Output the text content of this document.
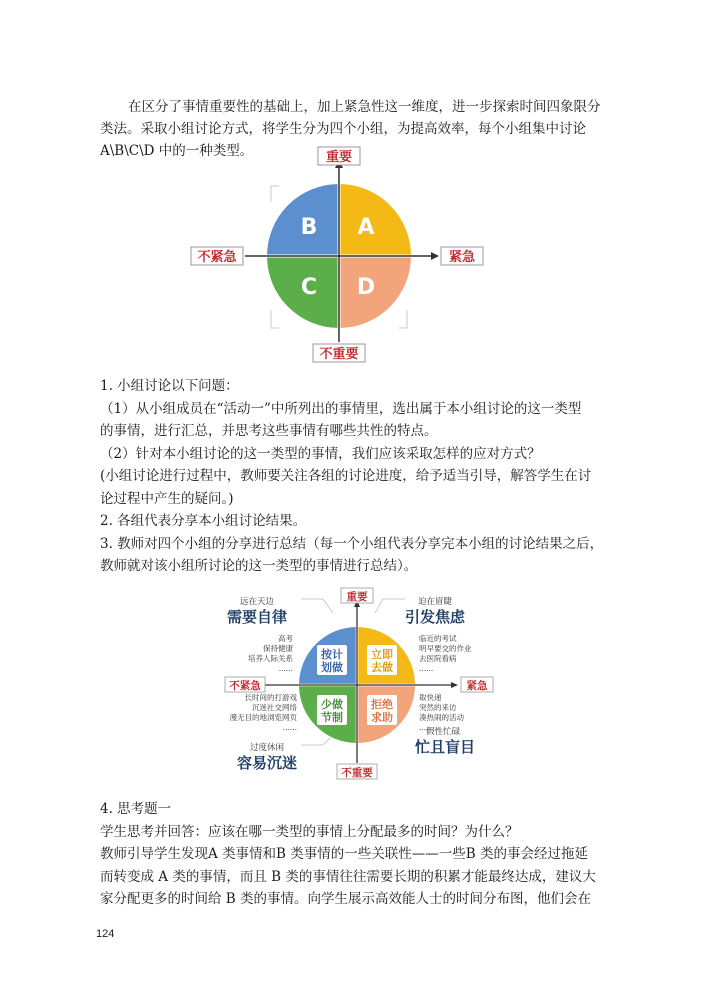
在区分了事情重要性的基础上，加上紧急性这一维度，进一步探索时间四象限分
类法。采取小组讨论方式，将学生分为四个小组，为提高效率，每个小组集中讨论
A\B\C\D 中的一种类型。
A
B
C D
重要
不重要
不紧急	紧急
1. 小组讨论以下问题：
（1）从小组成员在“活动一”中所列出的事情里，选出属于本小组讨论的这一类型
的事情，进行汇总，并思考这些事情有哪些共性的特点。
（2）针对本小组讨论的这一类型的事情，我们应该采取怎样的应对方式？
(小组讨论进行过程中，教师要关注各组的讨论进度，给予适当引导，解答学生在讨
论过程中产生的疑问。)
2. 各组代表分享本小组讨论结果。
3. 教师对四个小组的分享进行总结（每一个小组代表分享完本小组的讨论结果之后，
教师就对该小组所讨论的这一类型的事情进行总结）。
按计
划做
立即
去做
少做
节制
拒绝
求助
重要
不重要
不紧急	紧急
远在天边
需要自律
迫在眉睫
引发焦虑
过度休闲
容易沉迷
假性忙碌
忙且盲目
高考
保持健康
培养人际关系
......
临近的考试
明早要交的作业
去医院看病
......
长时间的打游戏
沉迷社交网络
漫无目的地浏览网页
......
取快递
突然的来访
凑热闹的活动
......
4. 思考题一
学生思考并回答：应该在哪一类型的事情上分配最多的时间？为什么？
教师引导学生发现A 类事情和B 类事情的一些关联性——一些B 类的事会经过拖延
而转变成 A 类的事情，而且 B 类的事情往往需要长期的积累才能最终达成，建议大
家分配更多的时间给 B 类的事情。向学生展示高效能人士的时间分布图，他们会在
124
